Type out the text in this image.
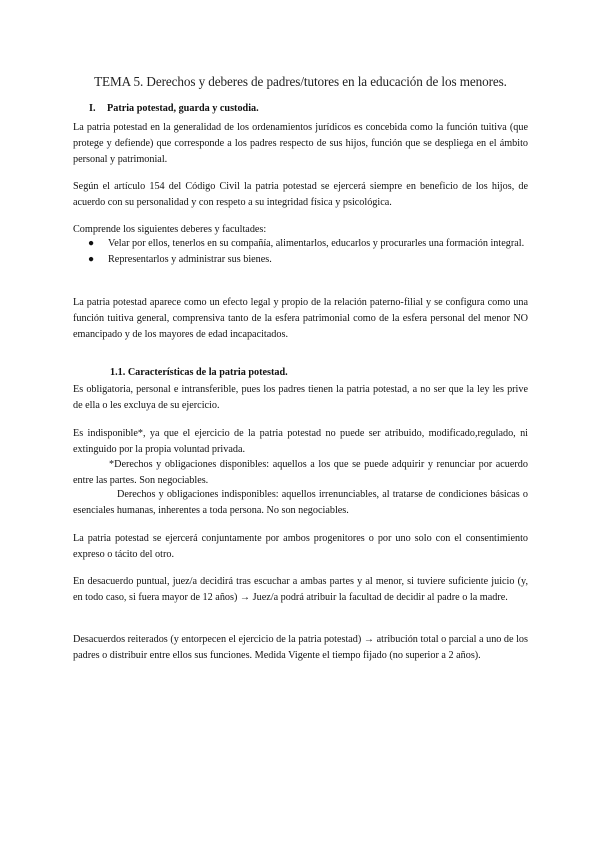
TEMA 5. Derechos y deberes de padres/tutores en la educación de los menores.
I. Patria potestad, guarda y custodia.
La patria potestad en la generalidad de los ordenamientos jurídicos es concebida como la función tuitiva (que protege y defiende) que corresponde a los padres respecto de sus hijos, función que se despliega en el ámbito personal y patrimonial.
Según el artículo 154 del Código Civil la patria potestad se ejercerá siempre en beneficio de los hijos, de acuerdo con su personalidad y con respeto a su integridad física y psicológica.
Comprende los siguientes deberes y facultades:
● Velar por ellos, tenerlos en su compañía, alimentarlos, educarlos y procurarles una formación integral.
● Representarlos y administrar sus bienes.
La patria potestad aparece como un efecto legal y propio de la relación paterno-filial y se configura como una función tuitiva general, comprensiva tanto de la esfera patrimonial como de la esfera personal del menor NO emancipado y de los mayores de edad incapacitados.
1.1. Características de la patria potestad.
Es obligatoria, personal e intransferible, pues los padres tienen la patria potestad, a no ser que la ley les prive de ella o les excluya de su ejercicio.
Es indisponible*, ya que el ejercicio de la patria potestad no puede ser atribuido, modificado,regulado, ni extinguido por la propia voluntad privada.
*Derechos y obligaciones disponibles: aquellos a los que se puede adquirir y renunciar por acuerdo entre las partes. Son negociables.
Derechos y obligaciones indisponibles: aquellos irrenunciables, al tratarse de condiciones básicas o esenciales humanas, inherentes a toda persona. No son negociables.
La patria potestad se ejercerá conjuntamente por ambos progenitores o por uno solo con el consentimiento expreso o tácito del otro.
En desacuerdo puntual, juez/a decidirá tras escuchar a ambas partes y al menor, si tuviere suficiente juicio (y, en todo caso, si fuera mayor de 12 años) → Juez/a podrá atribuir la facultad de decidir al padre o la madre.
Desacuerdos reiterados (y entorpecen el ejercicio de la patria potestad) → atribución total o parcial a uno de los padres o distribuir entre ellos sus funciones. Medida Vigente el tiempo fijado (no superior a 2 años).
